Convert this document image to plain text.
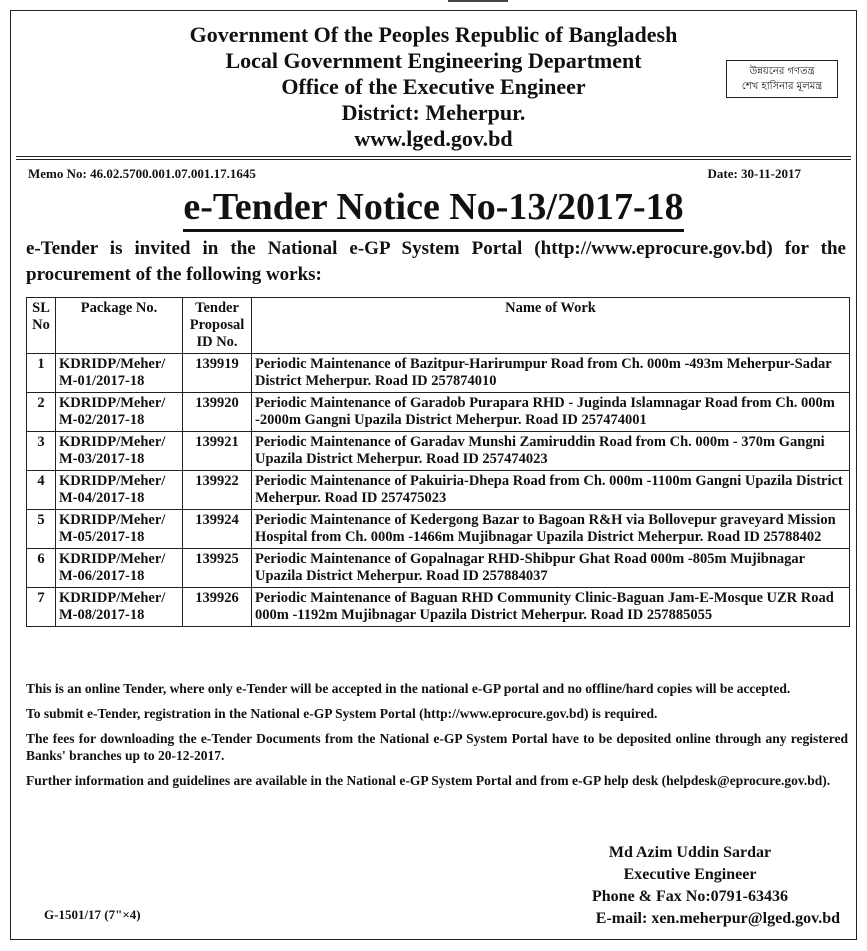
Government Of the Peoples Republic of Bangladesh
Local Government Engineering Department
Office of the Executive Engineer
District: Meherpur.
www.lged.gov.bd
উন্নয়নের গণতন্ত্র
শেখ হাসিনার মূলমন্ত্র
Memo No: 46.02.5700.001.07.001.17.1645	Date: 30-11-2017
e-Tender Notice No-13/2017-18
e-Tender is invited in the National e-GP System Portal (http://www.eprocure.gov.bd) for the procurement of the following works:
SL No	Package No.	Tender Proposal ID No.	Name of Work
1	KDRIDP/Meher/ M-01/2017-18	139919	Periodic Maintenance of Bazitpur-Harirumpur Road from Ch. 000m -493m Meherpur-Sadar District Meherpur. Road ID 257874010
2	KDRIDP/Meher/ M-02/2017-18	139920	Periodic Maintenance of Garadob Purapara RHD - Juginda Islamnagar Road from Ch. 000m -2000m Gangni Upazila District Meherpur. Road ID 257474001
3	KDRIDP/Meher/ M-03/2017-18	139921	Periodic Maintenance of Garadav Munshi Zamiruddin Road from Ch. 000m - 370m Gangni Upazila District Meherpur. Road ID 257474023
4	KDRIDP/Meher/ M-04/2017-18	139922	Periodic Maintenance of Pakuiria-Dhepa Road from Ch. 000m -1100m Gangni Upazila District Meherpur. Road ID 257475023
5	KDRIDP/Meher/ M-05/2017-18	139924	Periodic Maintenance of Kedergong Bazar to Bagoan R&H via Bollovepur graveyard Mission Hospital from Ch. 000m -1466m Mujibnagar Upazila District Meherpur. Road ID 25788402
6	KDRIDP/Meher/ M-06/2017-18	139925	Periodic Maintenance of Gopalnagar RHD-Shibpur Ghat Road 000m -805m Mujibnagar Upazila District Meherpur. Road ID 257884037
7	KDRIDP/Meher/ M-08/2017-18	139926	Periodic Maintenance of Baguan RHD Community Clinic-Baguan Jam-E-Mosque UZR Road 000m -1192m Mujibnagar Upazila District Meherpur. Road ID 257885055

This is an online Tender, where only e-Tender will be accepted in the national e-GP portal and no offline/hard copies will be accepted.

To submit e-Tender, registration in the National e-GP System Portal (http://www.eprocure.gov.bd) is required.

The fees for downloading the e-Tender Documents from the National e-GP System Portal have to be deposited online through any registered Banks' branches up to 20-12-2017.

Further information and guidelines are available in the National e-GP System Portal and from e-GP help desk (helpdesk@eprocure.gov.bd).

Md Azim Uddin Sardar
Executive Engineer
Phone & Fax No:0791-63436
E-mail: xen.meherpur@lged.gov.bd
G-1501/17 (7"×4)
